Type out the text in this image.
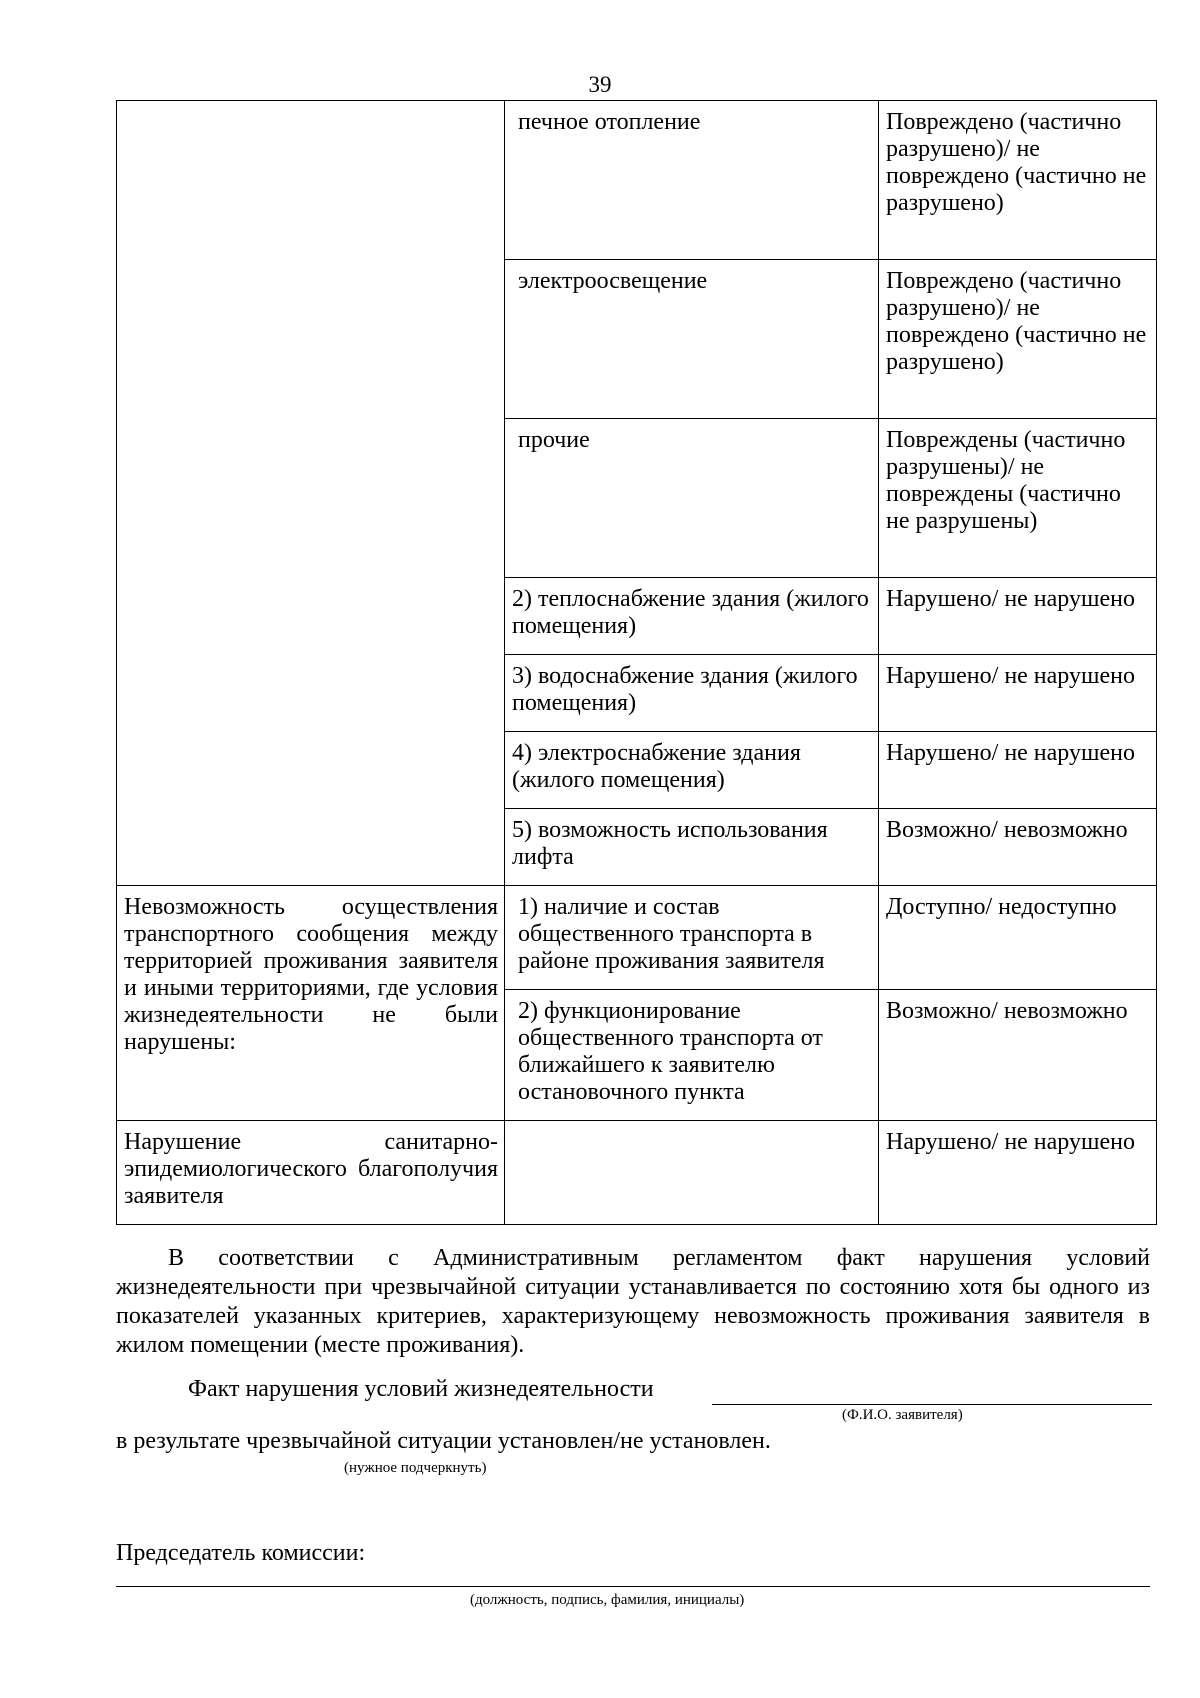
39
	печное отопление	Повреждено (частично разрушено)/ не повреждено (частично не разрушено)
	электроосвещение	Повреждено (частично разрушено)/ не повреждено (частично не разрушено)
	прочие	Повреждены (частично разрушены)/ не повреждены (частично не разрушены)
	2) теплоснабжение здания (жилого помещения)	Нарушено/ не нарушено
	3) водоснабжение здания (жилого помещения)	Нарушено/ не нарушено
	4) электроснабжение здания (жилого помещения)	Нарушено/ не нарушено
	5) возможность использования лифта	Возможно/ невозможно
Невозможность осуществления транспортного сообщения между территорией проживания заявителя и иными территориями, где условия жизнедеятельности не были нарушены:	1) наличие и состав общественного транспорта в районе проживания заявителя	Доступно/ недоступно
	2) функционирование общественного транспорта от ближайшего к заявителю остановочного пункта	Возможно/ невозможно
Нарушение санитарно-эпидемиологического благополучия заявителя		Нарушено/ не нарушено
В соответствии с Административным регламентом факт нарушения условий жизнедеятельности при чрезвычайной ситуации устанавливается по состоянию хотя бы одного из показателей указанных критериев, характеризующему невозможность проживания заявителя в жилом помещении (месте проживания).
Факт нарушения условий жизнедеятельности
(Ф.И.О. заявителя)
в результате чрезвычайной ситуации установлен/не установлен.
(нужное подчеркнуть)
Председатель комиссии:
(должность, подпись, фамилия, инициалы)
